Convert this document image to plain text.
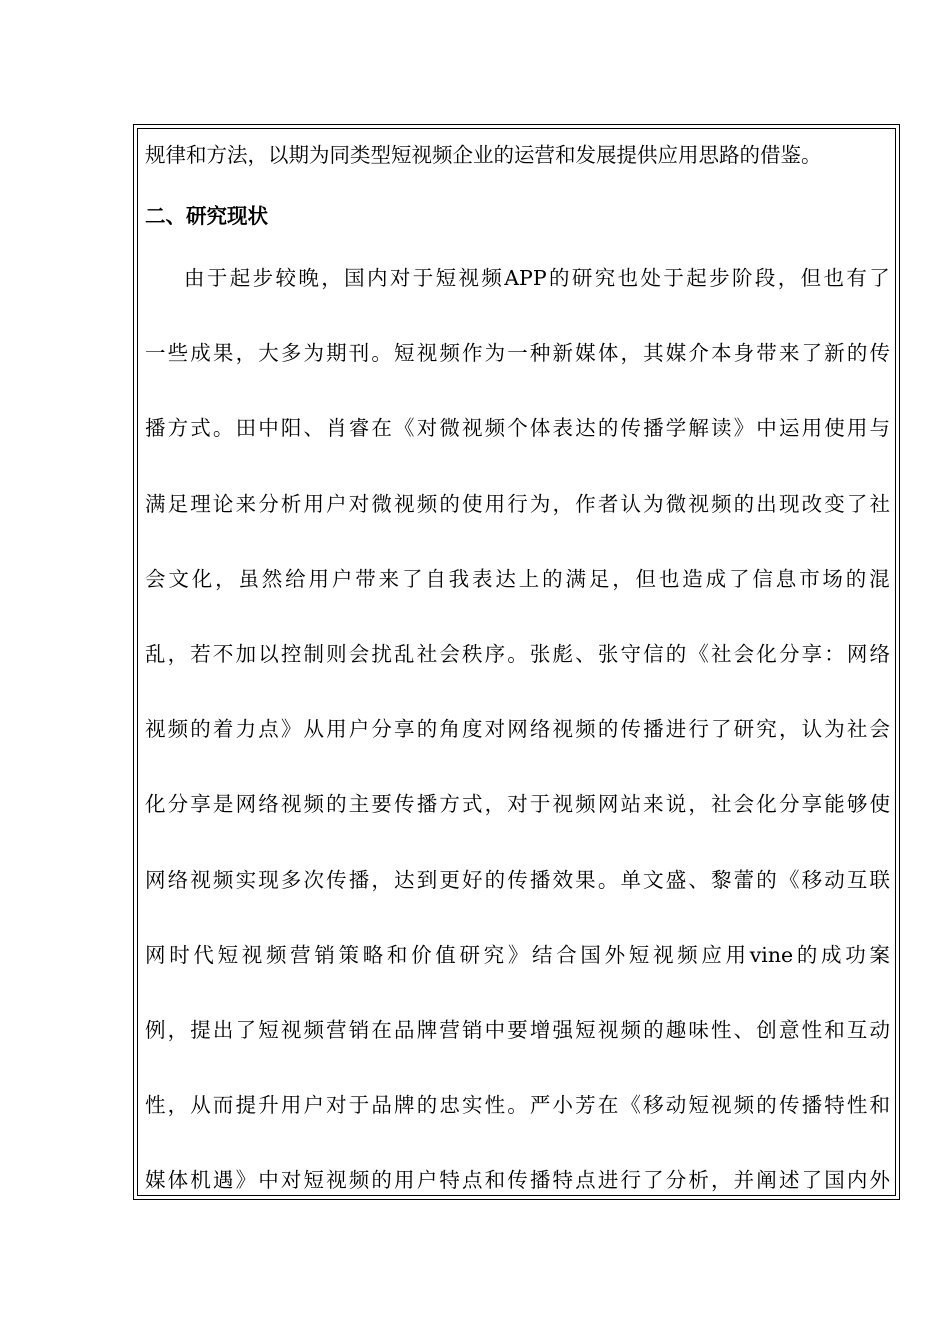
规律和方法，以期为同类型短视频企业的运营和发展提供应用思路的借鉴。
二、研究现状
由 于 起 步 较 晚 ， 国 内 对 于 短 视 频 APP 的 研 究 也 处 于 起 步 阶 段 ， 但 也 有 了
一 些 成 果 ， 大 多 为 期 刊 。 短 视 频 作 为 一 种 新 媒 体 ， 其 媒 介 本 身 带 来 了 新 的 传
播 方 式 。 田 中 阳 、 肖 睿 在 《 对 微 视 频 个 体 表 达 的 传 播 学 解 读 》 中 运 用 使 用 与
满 足 理 论 来 分 析 用 户 对 微 视 频 的 使 用 行 为 ， 作 者 认 为 微 视 频 的 出 现 改 变 了 社
会 文 化 ， 虽 然 给 用 户 带 来 了 自 我 表 达 上 的 满 足 ， 但 也 造 成 了 信 息 市 场 的 混
乱 ， 若 不 加 以 控 制 则 会 扰 乱 社 会 秩 序 。 张 彪 、 张 守 信 的 《 社 会 化 分 享 ： 网 络
视 频 的 着 力 点 》 从 用 户 分 享 的 角 度 对 网 络 视 频 的 传 播 进 行 了 研 究 ， 认 为 社 会
化 分 享 是 网 络 视 频 的 主 要 传 播 方 式 ， 对 于 视 频 网 站 来 说 ， 社 会 化 分 享 能 够 使
网 络 视 频 实 现 多 次 传 播 ， 达 到 更 好 的 传 播 效 果 。 单 文 盛 、 黎 蕾 的 《 移 动 互 联
网 时 代 短 视 频 营 销 策 略 和 价 值 研 究 》 结 合 国 外 短 视 频 应 用 vine 的 成 功 案
例 ， 提 出 了 短 视 频 营 销 在 品 牌 营 销 中 要 增 强 短 视 频 的 趣 味 性 、 创 意 性 和 互 动
性 ， 从 而 提 升 用 户 对 于 品 牌 的 忠 实 性 。 严 小 芳 在 《 移 动 短 视 频 的 传 播 特 性 和
媒 体 机 遇 》 中 对 短 视 频 的 用 户 特 点 和 传 播 特 点 进 行 了 分 析 ， 并 阐 述 了 国 内 外
